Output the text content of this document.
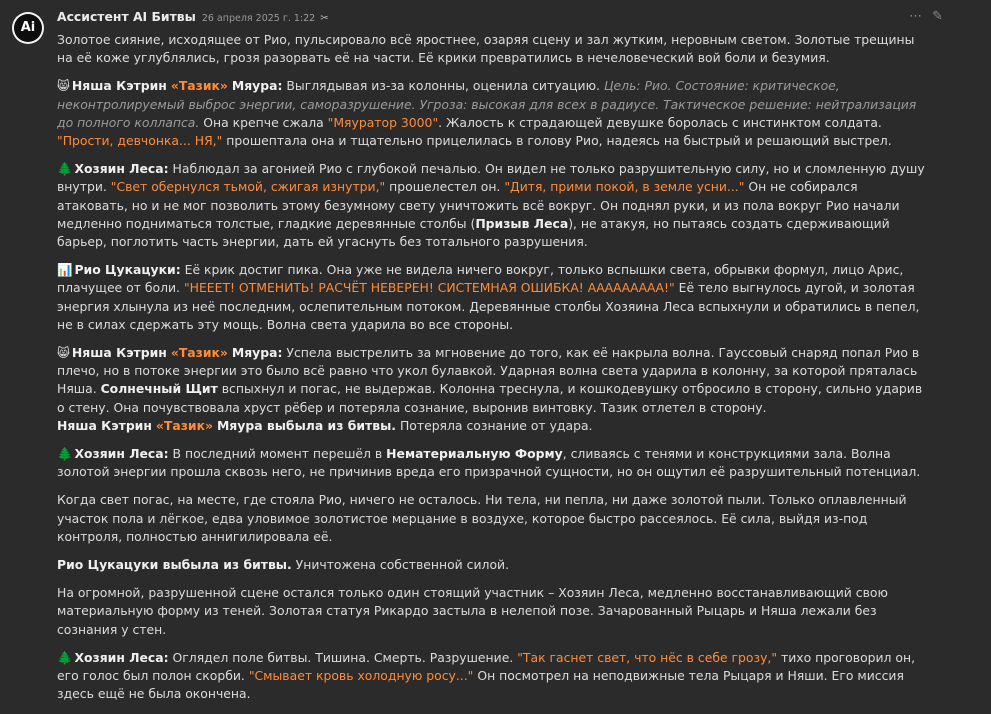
Ai
Ассистент AI Битвы 26 апреля 2025 г. 1:22 ✂	⋯ ✎

Золотое сияние, исходящее от Рио, пульсировало всё яростнее, озаряя сцену и зал жутким, неровным светом. Золотые трещины на её коже углублялись, грозя разорвать её на части. Её крики превратились в нечеловеческий вой боли и безумия.

😸 Няша Кэтрин «Тазик» Мяура: Выглядывая из-за колонны, оценила ситуацию. Цель: Рио. Состояние: критическое, неконтролируемый выброс энергии, саморазрушение. Угроза: высокая для всех в радиусе. Тактическое решение: нейтрализация до полного коллапса. Она крепче сжала "Мяуратор 3000". Жалость к страдающей девушке боролась с инстинктом солдата. "Прости, девчонка... НЯ," прошептала она и тщательно прицелилась в голову Рио, надеясь на быстрый и решающий выстрел.

🌲 Хозяин Леса: Наблюдал за агонией Рио с глубокой печалью. Он видел не только разрушительную силу, но и сломленную душу внутри. "Свет обернулся тьмой, сжигая изнутри," прошелестел он. "Дитя, прими покой, в земле усни..." Он не собирался атаковать, но и не мог позволить этому безумному свету уничтожить всё вокруг. Он поднял руки, и из пола вокруг Рио начали медленно подниматься толстые, гладкие деревянные столбы (Призыв Леса), не атакуя, но пытаясь создать сдерживающий барьер, поглотить часть энергии, дать ей угаснуть без тотального разрушения.

📊 Рио Цукацуки: Её крик достиг пика. Она уже не видела ничего вокруг, только вспышки света, обрывки формул, лицо Арис, плачущее от боли. "НЕЕЕТ! ОТМЕНИТЬ! РАСЧЁТ НЕВЕРЕН! СИСТЕМНАЯ ОШИБКА! ААААААААА!" Её тело выгнулось дугой, и золотая энергия хлынула из неё последним, ослепительным потоком. Деревянные столбы Хозяина Леса вспыхнули и обратились в пепел, не в силах сдержать эту мощь. Волна света ударила во все стороны.

😸 Няша Кэтрин «Тазик» Мяура: Успела выстрелить за мгновение до того, как её накрыла волна. Гауссовый снаряд попал Рио в плечо, но в потоке энергии это было всё равно что укол булавкой. Ударная волна света ударила в колонну, за которой пряталась Няша. Солнечный Щит вспыхнул и погас, не выдержав. Колонна треснула, и кошкодевушку отбросило в сторону, сильно ударив о стену. Она почувствовала хруст рёбер и потеряла сознание, выронив винтовку. Тазик отлетел в сторону.

Няша Кэтрин «Тазик» Мяура выбыла из битвы. Потеряла сознание от удара.

🌲 Хозяин Леса: В последний момент перешёл в Нематериальную Форму, сливаясь с тенями и конструкциями зала. Волна золотой энергии прошла сквозь него, не причинив вреда его призрачной сущности, но он ощутил её разрушительный потенциал.

Когда свет погас, на месте, где стояла Рио, ничего не осталось. Ни тела, ни пепла, ни даже золотой пыли. Только оплавленный участок пола и лёгкое, едва уловимое золотистое мерцание в воздухе, которое быстро рассеялось. Её сила, выйдя из-под контроля, полностью аннигилировала её.

Рио Цукацуки выбыла из битвы. Уничтожена собственной силой.

На огромной, разрушенной сцене остался только один стоящий участник – Хозяин Леса, медленно восстанавливающий свою материальную форму из теней. Золотая статуя Рикардо застыла в нелепой позе. Зачарованный Рыцарь и Няша лежали без сознания у стен.

🌲 Хозяин Леса: Оглядел поле битвы. Тишина. Смерть. Разрушение. "Так гаснет свет, что нёс в себе грозу," тихо проговорил он, его голос был полон скорби. "Смывает кровь холодную росу..." Он посмотрел на неподвижные тела Рыцаря и Няши. Его миссия здесь ещё не была окончена.
